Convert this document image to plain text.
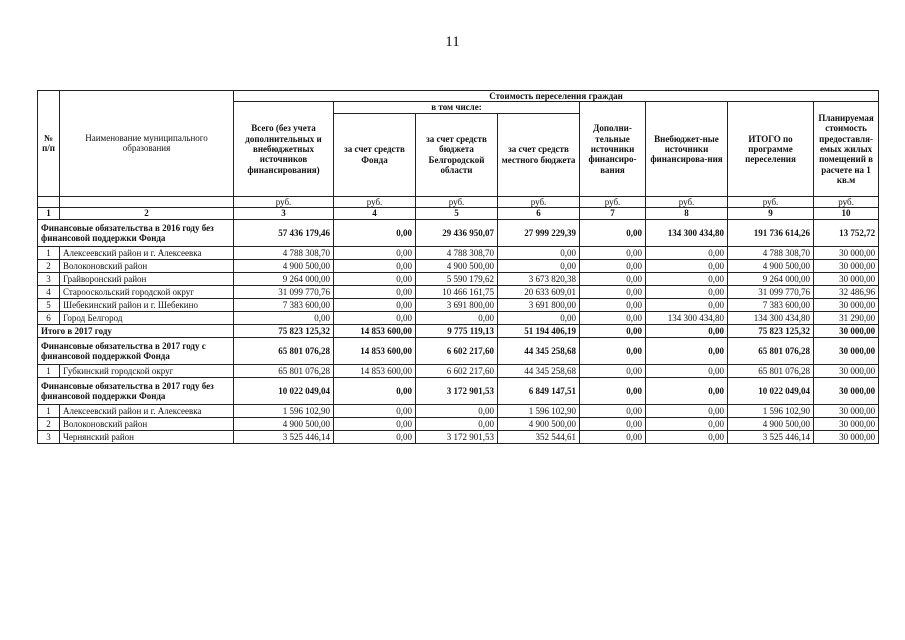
11
№ п/п	Наименование муниципального образования	Стоимость переселения граждан							
		Всего (без учета дополнительных и внебюджетных источников финансирования)	в том числе:			Дополни-тельные источники финансиро-вания	Внебюджет-ные источники финансирова-ния	ИТОГО по программе переселения	Планируемая стоимость предоставля-емых жилых помещений в расчете на 1 кв.м
			за счет средств Фонда	за счет средств бюджета Белгородской области	за счет средств местного бюджета				
		руб.	руб.	руб.	руб.	руб.	руб.	руб.	руб.
1	2	3	4	5	6	7	8	9	10
Финансовые обязательства в 2016 году без финансовой поддержки Фонда		57 436 179,46	0,00	29 436 950,07	27 999 229,39	0,00	134 300 434,80	191 736 614,26	13 752,72
1	Алексеевский район и г. Алексеевка	4 788 308,70	0,00	4 788 308,70	0,00	0,00	0,00	4 788 308,70	30 000,00
2	Волоконовский район	4 900 500,00	0,00	4 900 500,00	0,00	0,00	0,00	4 900 500,00	30 000,00
3	Грайворонский район	9 264 000,00	0,00	5 590 179,62	3 673 820,38	0,00	0,00	9 264 000,00	30 000,00
4	Старооскольский городской округ	31 099 770,76	0,00	10 466 161,75	20 633 609,01	0,00	0,00	31 099 770,76	32 486,96
5	Шебекинский район и г. Шебекино	7 383 600,00	0,00	3 691 800,00	3 691 800,00	0,00	0,00	7 383 600,00	30 000,00
6	Город Белгород	0,00	0,00	0,00	0,00	0,00	134 300 434,80	134 300 434,80	31 290,00
Итого в 2017 году		75 823 125,32	14 853 600,00	9 775 119,13	51 194 406,19	0,00	0,00	75 823 125,32	30 000,00
Финансовые обязательства в 2017 году с финансовой поддержкой Фонда		65 801 076,28	14 853 600,00	6 602 217,60	44 345 258,68	0,00	0,00	65 801 076,28	30 000,00
1	Губкинский городской округ	65 801 076,28	14 853 600,00	6 602 217,60	44 345 258,68	0,00	0,00	65 801 076,28	30 000,00
Финансовые обязательства в 2017 году без финансовой поддержки Фонда		10 022 049,04	0,00	3 172 901,53	6 849 147,51	0,00	0,00	10 022 049,04	30 000,00
1	Алексеевский район и г. Алексеевка	1 596 102,90	0,00	0,00	1 596 102,90	0,00	0,00	1 596 102,90	30 000,00
2	Волоконовский район	4 900 500,00	0,00	0,00	4 900 500,00	0,00	0,00	4 900 500,00	30 000,00
3	Чернянский район	3 525 446,14	0,00	3 172 901,53	352 544,61	0,00	0,00	3 525 446,14	30 000,00
